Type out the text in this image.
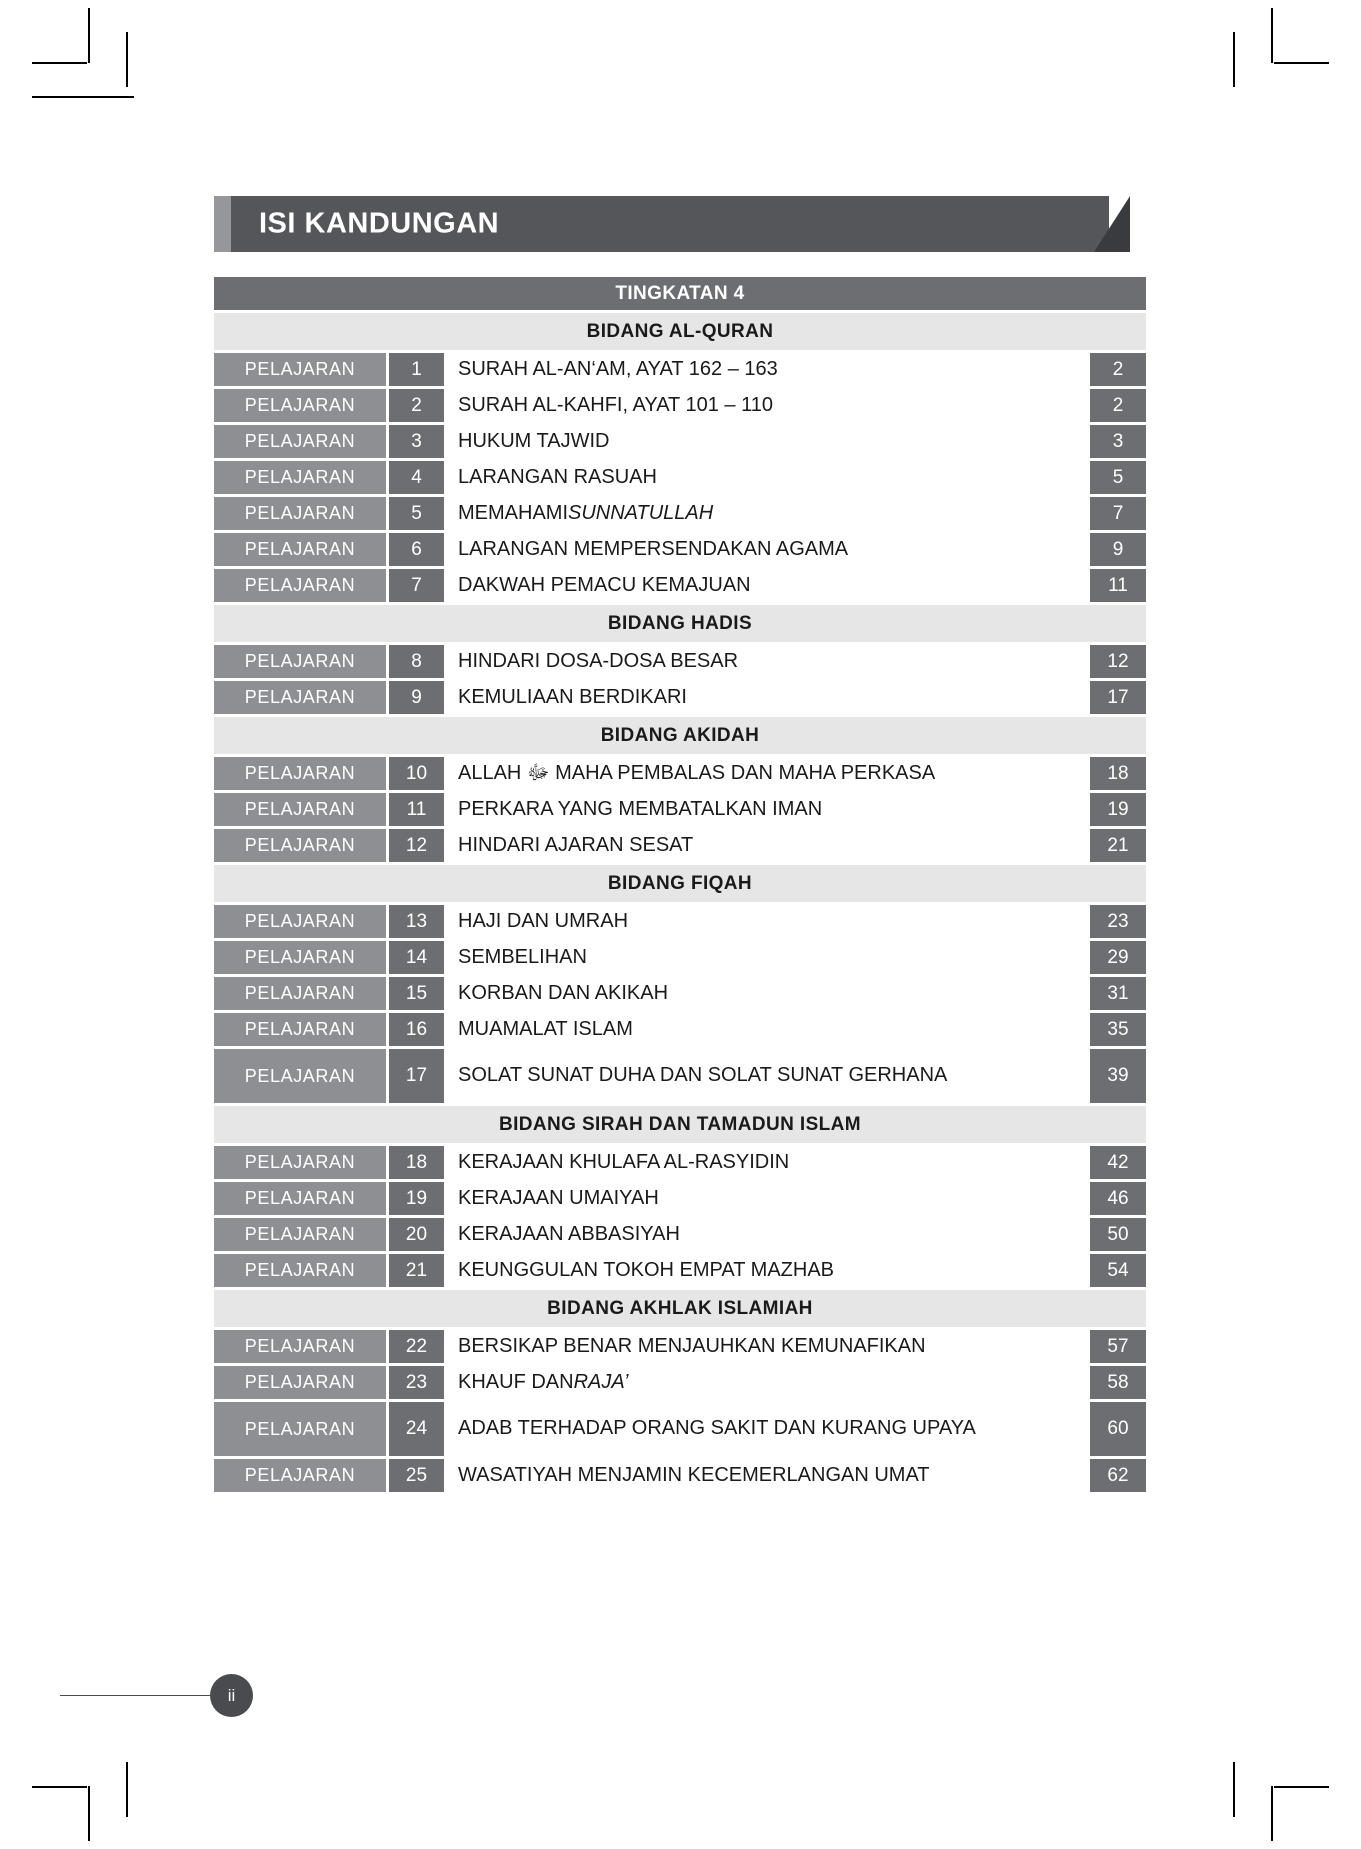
ISI KANDUNGAN
TINGKATAN 4
BIDANG AL-QURAN
PELAJARAN	1	SURAH AL-AN‘AM, AYAT 162 – 163	2
PELAJARAN	2	SURAH AL-KAHFI, AYAT 101 – 110	2
PELAJARAN	3	HUKUM TAJWID	3
PELAJARAN	4	LARANGAN RASUAH	5
PELAJARAN	5	MEMAHAMI SUNNATULLAH	7
PELAJARAN	6	LARANGAN MEMPERSENDAKAN AGAMA	9
PELAJARAN	7	DAKWAH PEMACU KEMAJUAN	11
BIDANG HADIS
PELAJARAN	8	HINDARI DOSA-DOSA BESAR	12
PELAJARAN	9	KEMULIAAN BERDIKARI	17
BIDANG AKIDAH
PELAJARAN	10	ALLAH ﷻ MAHA PEMBALAS DAN MAHA PERKASA	18
PELAJARAN	11	PERKARA YANG MEMBATALKAN IMAN	19
PELAJARAN	12	HINDARI AJARAN SESAT	21
BIDANG FIQAH
PELAJARAN	13	HAJI DAN UMRAH	23
PELAJARAN	14	SEMBELIHAN	29
PELAJARAN	15	KORBAN DAN AKIKAH	31
PELAJARAN	16	MUAMALAT ISLAM	35
PELAJARAN	17	SOLAT SUNAT DUHA DAN SOLAT SUNAT GERHANA	39
BIDANG SIRAH DAN TAMADUN ISLAM
PELAJARAN	18	KERAJAAN KHULAFA AL-RASYIDIN	42
PELAJARAN	19	KERAJAAN UMAIYAH	46
PELAJARAN	20	KERAJAAN ABBASIYAH	50
PELAJARAN	21	KEUNGGULAN TOKOH EMPAT MAZHAB	54
BIDANG AKHLAK ISLAMIAH
PELAJARAN	22	BERSIKAP BENAR MENJAUHKAN KEMUNAFIKAN	57
PELAJARAN	23	KHAUF DAN RAJA’	58
PELAJARAN	24	ADAB TERHADAP ORANG SAKIT DAN KURANG UPAYA	60
PELAJARAN	25	WASATIYAH MENJAMIN KECEMERLANGAN UMAT	62
ii
